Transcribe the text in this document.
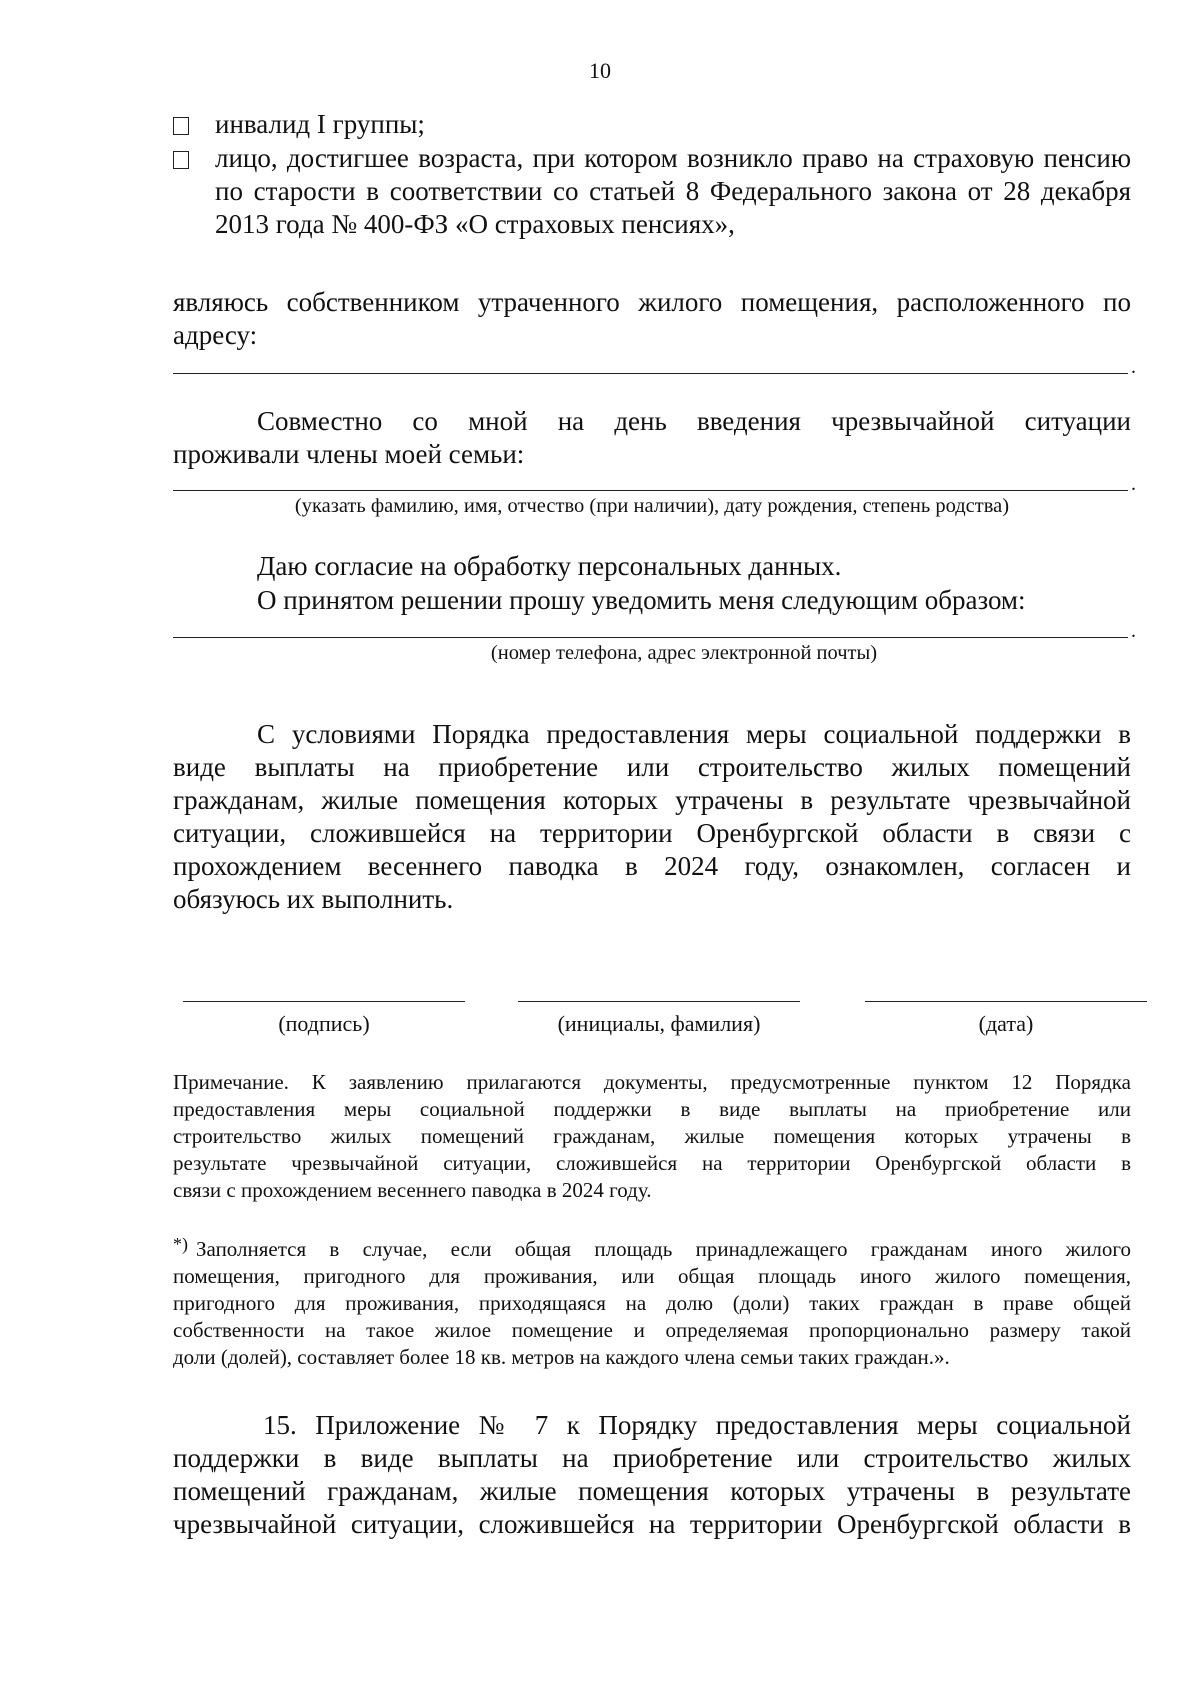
10
инвалид I группы;
лицо, достигшее возраста, при котором возникло право на страховую пенсию по старости в соответствии со статьей 8 Федерального закона от 28 декабря 2013 года № 400-ФЗ «О страховых пенсиях»,
являюсь собственником утраченного жилого помещения, расположенного по
адресу:
.
Совместно со мной на день введения чрезвычайной ситуации
проживали члены моей семьи:
.
(указать фамилию, имя, отчество (при наличии), дату рождения, степень родства)
Даю согласие на обработку персональных данных.
О принятом решении прошу уведомить меня следующим образом:
.
(номер телефона, адрес электронной почты)
С условиями Порядка предоставления меры социальной поддержки в
виде выплаты на приобретение или строительство жилых помещений
гражданам, жилые помещения которых утрачены в результате чрезвычайной
ситуации, сложившейся на территории Оренбургской области в связи с
прохождением весеннего паводка в 2024 году, ознакомлен, согласен и
обязуюсь их выполнить.
(подпись)	(инициалы, фамилия)	(дата)
Примечание. К заявлению прилагаются документы, предусмотренные пунктом 12 Порядка
предоставления меры социальной поддержки в виде выплаты на приобретение или
строительство жилых помещений гражданам, жилые помещения которых утрачены в
результате чрезвычайной ситуации, сложившейся на территории Оренбургской области в
связи с прохождением весеннего паводка в 2024 году.
*) Заполняется в случае, если общая площадь принадлежащего гражданам иного жилого
помещения, пригодного для проживания, или общая площадь иного жилого помещения,
пригодного для проживания, приходящаяся на долю (доли) таких граждан в праве общей
собственности на такое жилое помещение и определяемая пропорционально размеру такой
доли (долей), составляет более 18 кв. метров на каждого члена семьи таких граждан.».
15. Приложение № 7 к Порядку предоставления меры социальной
поддержки в виде выплаты на приобретение или строительство жилых
помещений гражданам, жилые помещения которых утрачены в результате
чрезвычайной ситуации, сложившейся на территории Оренбургской области в
